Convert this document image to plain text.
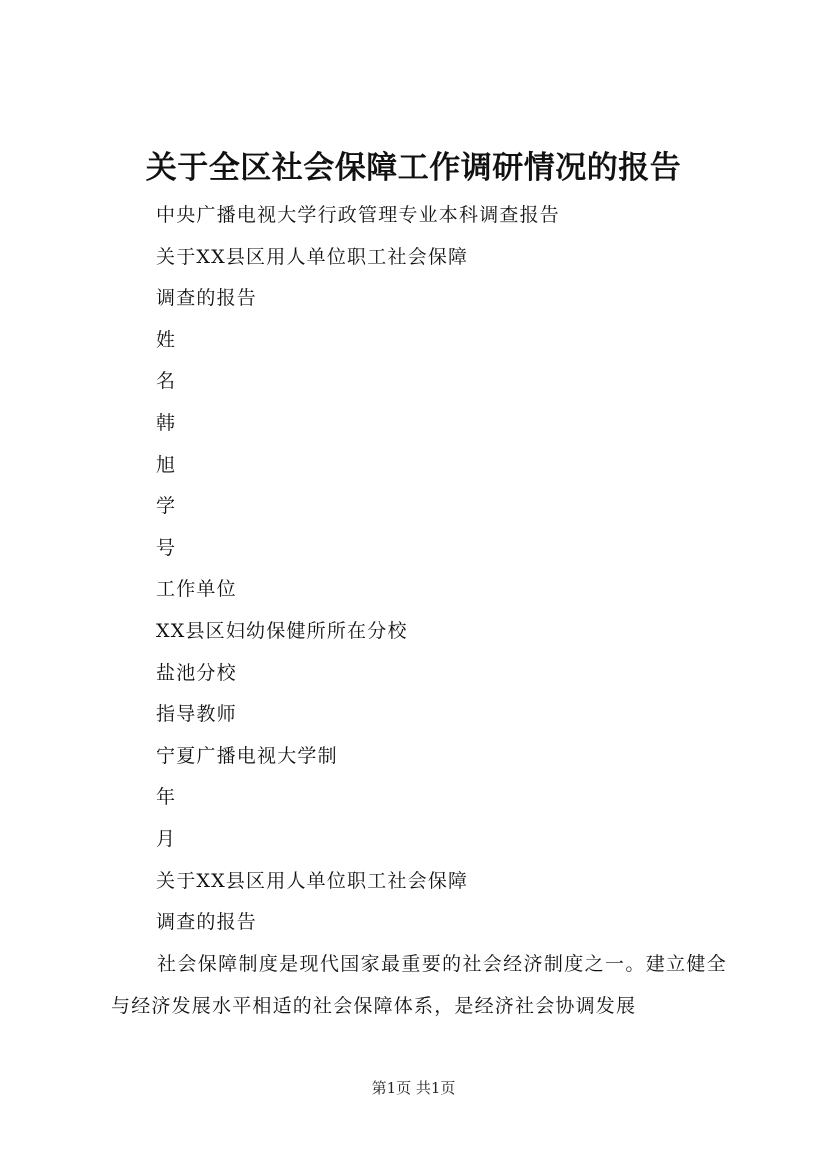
关于全区社会保障工作调研情况的报告
中央广播电视大学行政管理专业本科调查报告
关于XX县区用人单位职工社会保障
调查的报告
姓
名
韩
旭
学
号
工作单位
XX县区妇幼保健所所在分校
盐池分校
指导教师
宁夏广播电视大学制
年
月
关于XX县区用人单位职工社会保障
调查的报告
社会保障制度是现代国家最重要的社会经济制度之一。建立健全与经济发展水平相适的社会保障体系，是经济社会协调发展
第1页 共1页
